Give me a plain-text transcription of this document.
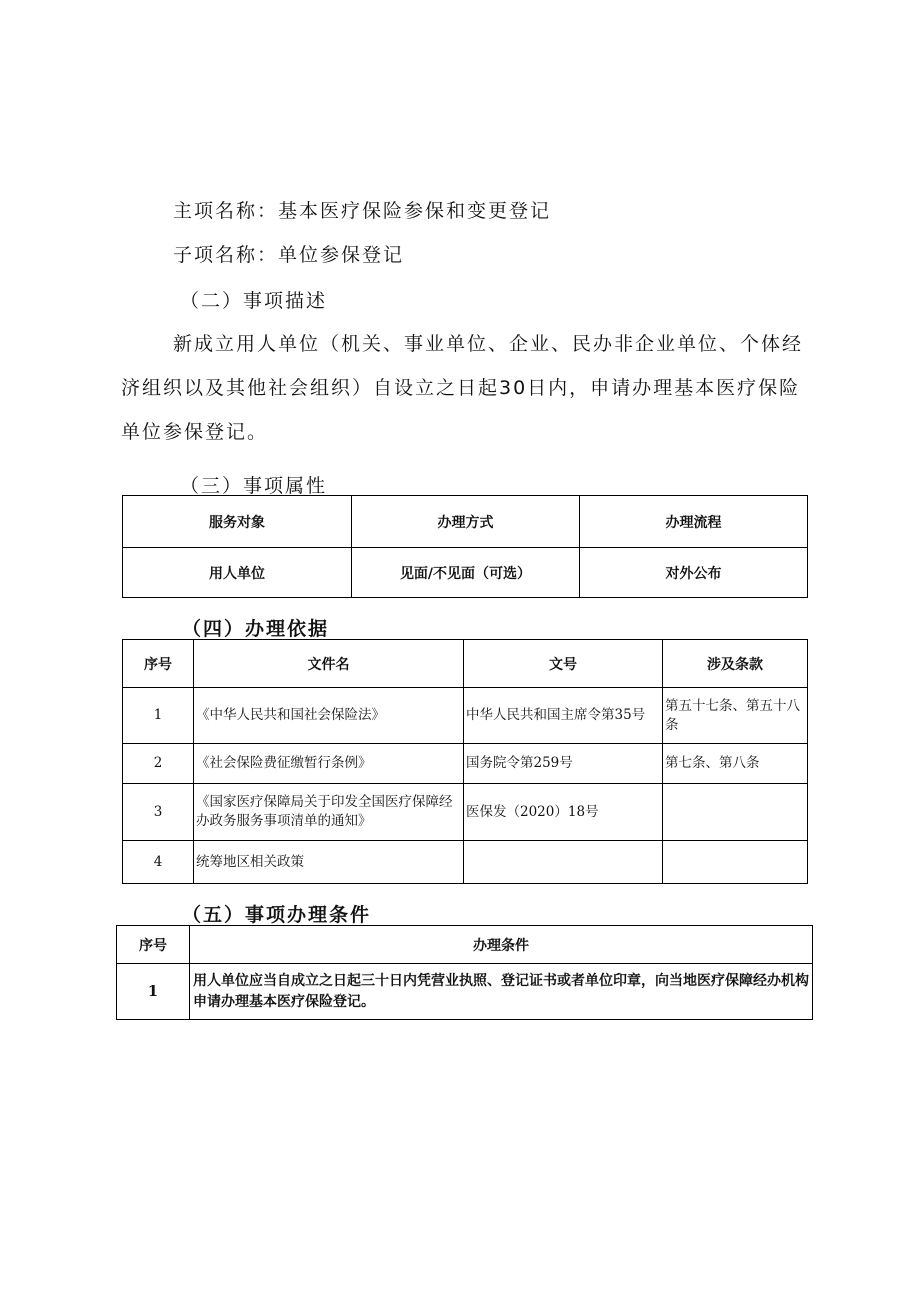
主项名称：基本医疗保险参保和变更登记
子项名称：单位参保登记
（二）事项描述
新成立用人单位（机关、事业单位、企业、民办非企业单位、个体经济组织以及其他社会组织）自设立之日起30日内，申请办理基本医疗保险单位参保登记。
（三）事项属性
服务对象	办理方式	办理流程
用人单位	见面/不见面（可选）	对外公布
（四）办理依据
序号	文件名	文号	涉及条款
1	《中华人民共和国社会保险法》	中华人民共和国主席令第35号	第五十七条、第五十八条
2	《社会保险费征缴暂行条例》	国务院令第259号	第七条、第八条
3	《国家医疗保障局关于印发全国医疗保障经办政务服务事项清单的通知》	医保发（2020）18号	
4	统筹地区相关政策		
（五）事项办理条件
序号	办理条件
1	用人单位应当自成立之日起三十日内凭营业执照、登记证书或者单位印章，向当地医疗保障经办机构申请办理基本医疗保险登记。
